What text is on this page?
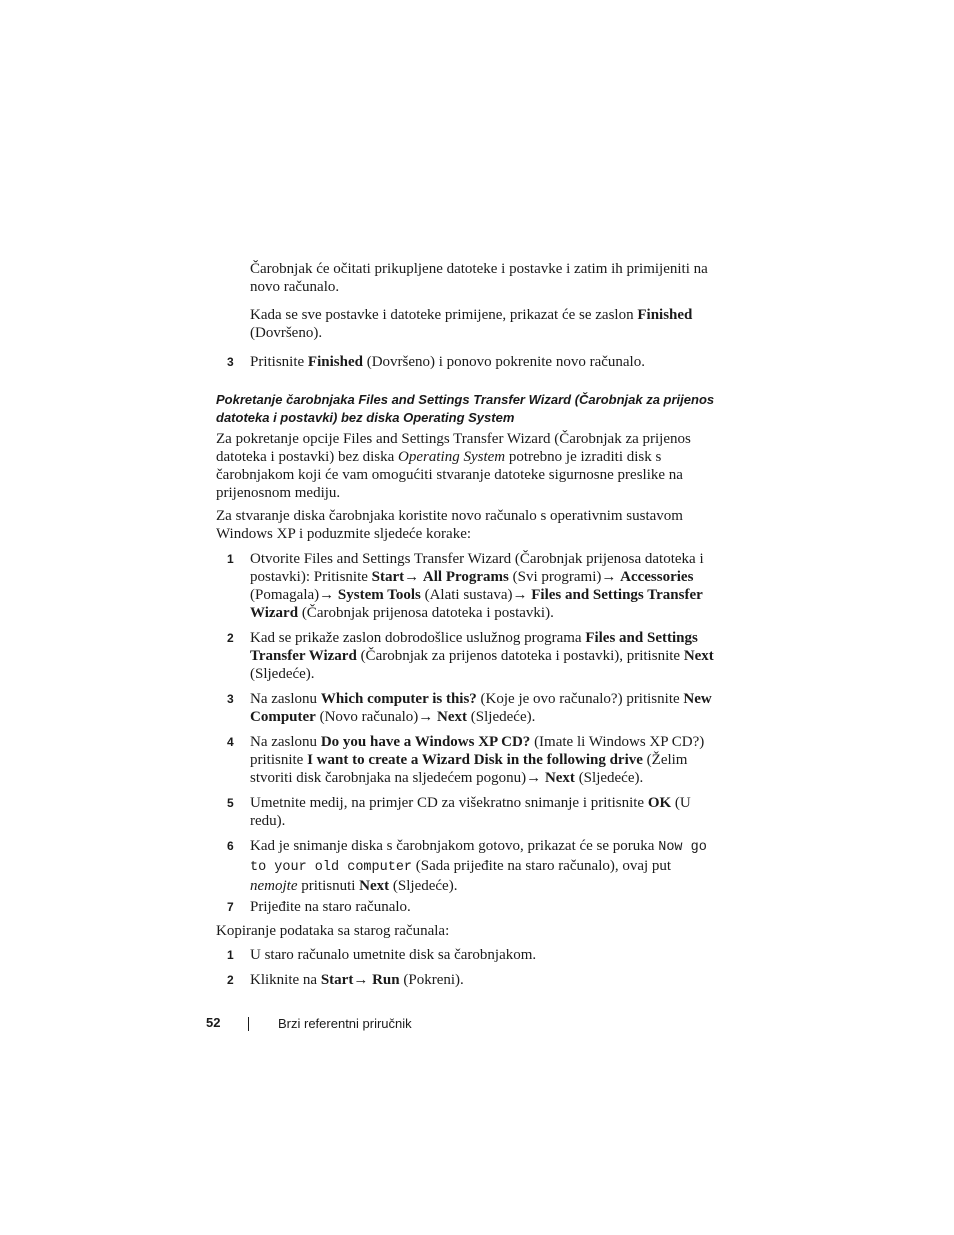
Čarobnjak će očitati prikupljene datoteke i postavke i zatim ih primijeniti na novo računalo.

Kada se sve postavke i datoteke primijene, prikazat će se zaslon Finished (Dovršeno).

3 Pritisnite Finished (Dovršeno) i ponovo pokrenite novo računalo.

Pokretanje čarobnjaka Files and Settings Transfer Wizard (Čarobnjak za prijenos datoteka i postavki) bez diska Operating System

Za pokretanje opcije Files and Settings Transfer Wizard (Čarobnjak za prijenos datoteka i postavki) bez diska Operating System potrebno je izraditi disk s čarobnjakom koji će vam omogućiti stvaranje datoteke sigurnosne preslike na prijenosnom mediju.

Za stvaranje diska čarobnjaka koristite novo računalo s operativnim sustavom Windows XP i poduzmite sljedeće korake:

1 Otvorite Files and Settings Transfer Wizard (Čarobnjak prijenosa datoteka i postavki): Pritisnite Start→ All Programs (Svi programi)→ Accessories (Pomagala)→ System Tools (Alati sustava)→ Files and Settings Transfer Wizard (Čarobnjak prijenosa datoteka i postavki).

2 Kad se prikaže zaslon dobrodošlice uslužnog programa Files and Settings Transfer Wizard (Čarobnjak za prijenos datoteka i postavki), pritisnite Next (Sljedeće).

3 Na zaslonu Which computer is this? (Koje je ovo računalo?) pritisnite New Computer (Novo računalo)→ Next (Sljedeće).

4 Na zaslonu Do you have a Windows XP CD? (Imate li Windows XP CD?) pritisnite I want to create a Wizard Disk in the following drive (Želim stvoriti disk čarobnjaka na sljedećem pogonu)→ Next (Sljedeće).

5 Umetnite medij, na primjer CD za višekratno snimanje i pritisnite OK (U redu).

6 Kad je snimanje diska s čarobnjakom gotovo, prikazat će se poruka Now go to your old computer (Sada prijeđite na staro računalo), ovaj put nemojte pritisnuti Next (Sljedeće).

7 Prijeđite na staro računalo.

Kopiranje podataka sa starog računala:

1 U staro računalo umetnite disk sa čarobnjakom.

2 Kliknite na Start→ Run (Pokreni).

52	Brzi referentni priručnik
